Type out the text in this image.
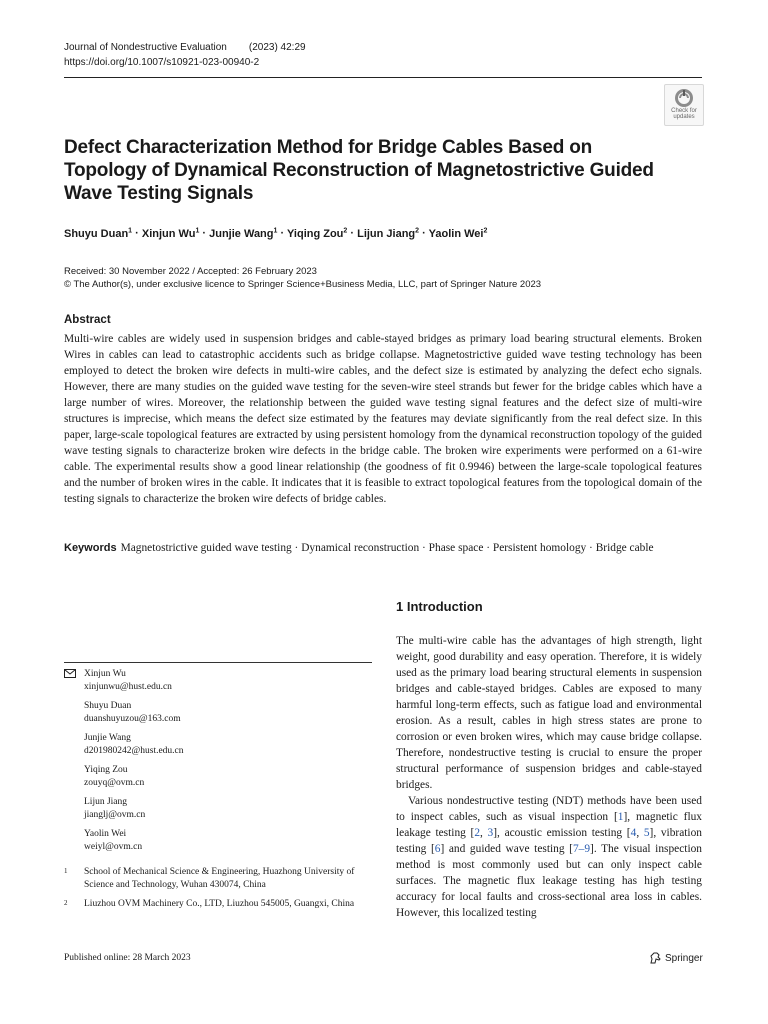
Journal of Nondestructive Evaluation (2023) 42:29
https://doi.org/10.1007/s10921-023-00940-2
Check for
updates
Defect Characterization Method for Bridge Cables Based on Topology of Dynamical Reconstruction of Magnetostrictive Guided Wave Testing Signals
Shuyu Duan$^1$ · Xinjun $Wu^1$ · Junjie Wang$^1$ · Yiqing Zou$^2$ · Lijun Jiang$^2$ · Yaolin Wei$^2$
Received: 30 November 2022 / Accepted: 26 February 2023
© The Author(s), under exclusive licence to Springer Science+Business Media, LLC, part of Springer Nature 2023
Abstract

Multi-wire cables are widely used in suspension bridges and cable-stayed bridges as primary load bearing structural elements. Broken Wires in cables can lead to catastrophic accidents such as bridge collapse. Magnetostrictive guided wave testing technology has been employed to detect the broken wire defects in multi-wire cables, and the defect size is estimated by analyzing the defect echo signals. However, there are many studies on the guided wave testing for the seven-wire steel strands but fewer for the bridge cables which have a large number of wires. Moreover, the relationship between the guided wave testing signal features and the defect size of multi-wire structures is imprecise, which means the defect size estimated by the features may deviate significantly from the real defect size. In this paper, large-scale topological features are extracted by using persistent homology from the dynamical reconstruction topology of the guided wave testing signals to characterize broken wire defects in the bridge cable. The broken wire experiments were performed on a 61-wire cable. The experimental results show a good linear relationship (the goodness of fit 0.9946) between the large-scale topological features and the number of broken wires in the cable. It indicates that it is feasible to extract topological features from the topological domain of the testing signals to characterize the broken wire defects of bridge cables.

Keywords Magnetostrictive guided wave testing · Dynamical reconstruction · Phase space · Persistent homology · Bridge cable
1 Introduction

The multi-wire cable has the advantages of high strength, light weight, good durability and easy operation. Therefore, it is widely used as the primary load bearing structural elements in suspension bridges and cable-stayed bridges. Cables are exposed to many harmful long-term effects, such as fatigue load and environmental erosion. As a result, cables in high stress states are prone to corrosion or even broken wires, which may cause bridge collapse. Therefore, nondestructive testing is crucial to ensure the proper structural performance of suspension bridges and cable-stayed bridges.

Various nondestructive testing (NDT) methods have been used to inspect cables, such as visual inspection [1], magnetic flux leakage testing [2, 3], acoustic emission testing [4, 5], vibration testing [6] and guided wave testing [7–9]. The visual inspection method is most commonly used but can only inspect cable surfaces. The magnetic flux leakage testing has high testing accuracy for local faults and cross-sectional area loss in cables. However, this localized testing

Xinjun Wu
xinjunwu@hust.edu.cn
Shuyu Duan
duanshuyuzou@163.com
Junjie Wang
d201980242@hust.edu.cn
Yiqing Zou
zouyq@ovm.cn
Lijun Jiang
jianglj@ovm.cn
Yaolin Wei
weiyl@ovm.cn
1	School of Mechanical Science & Engineering, Huazhong University of Science and Technology, Wuhan 430074, China
2	Liuzhou OVM Machinery Co., LTD, Liuzhou 545005, Guangxi, China
Published online: 28 March 2023	Springer
